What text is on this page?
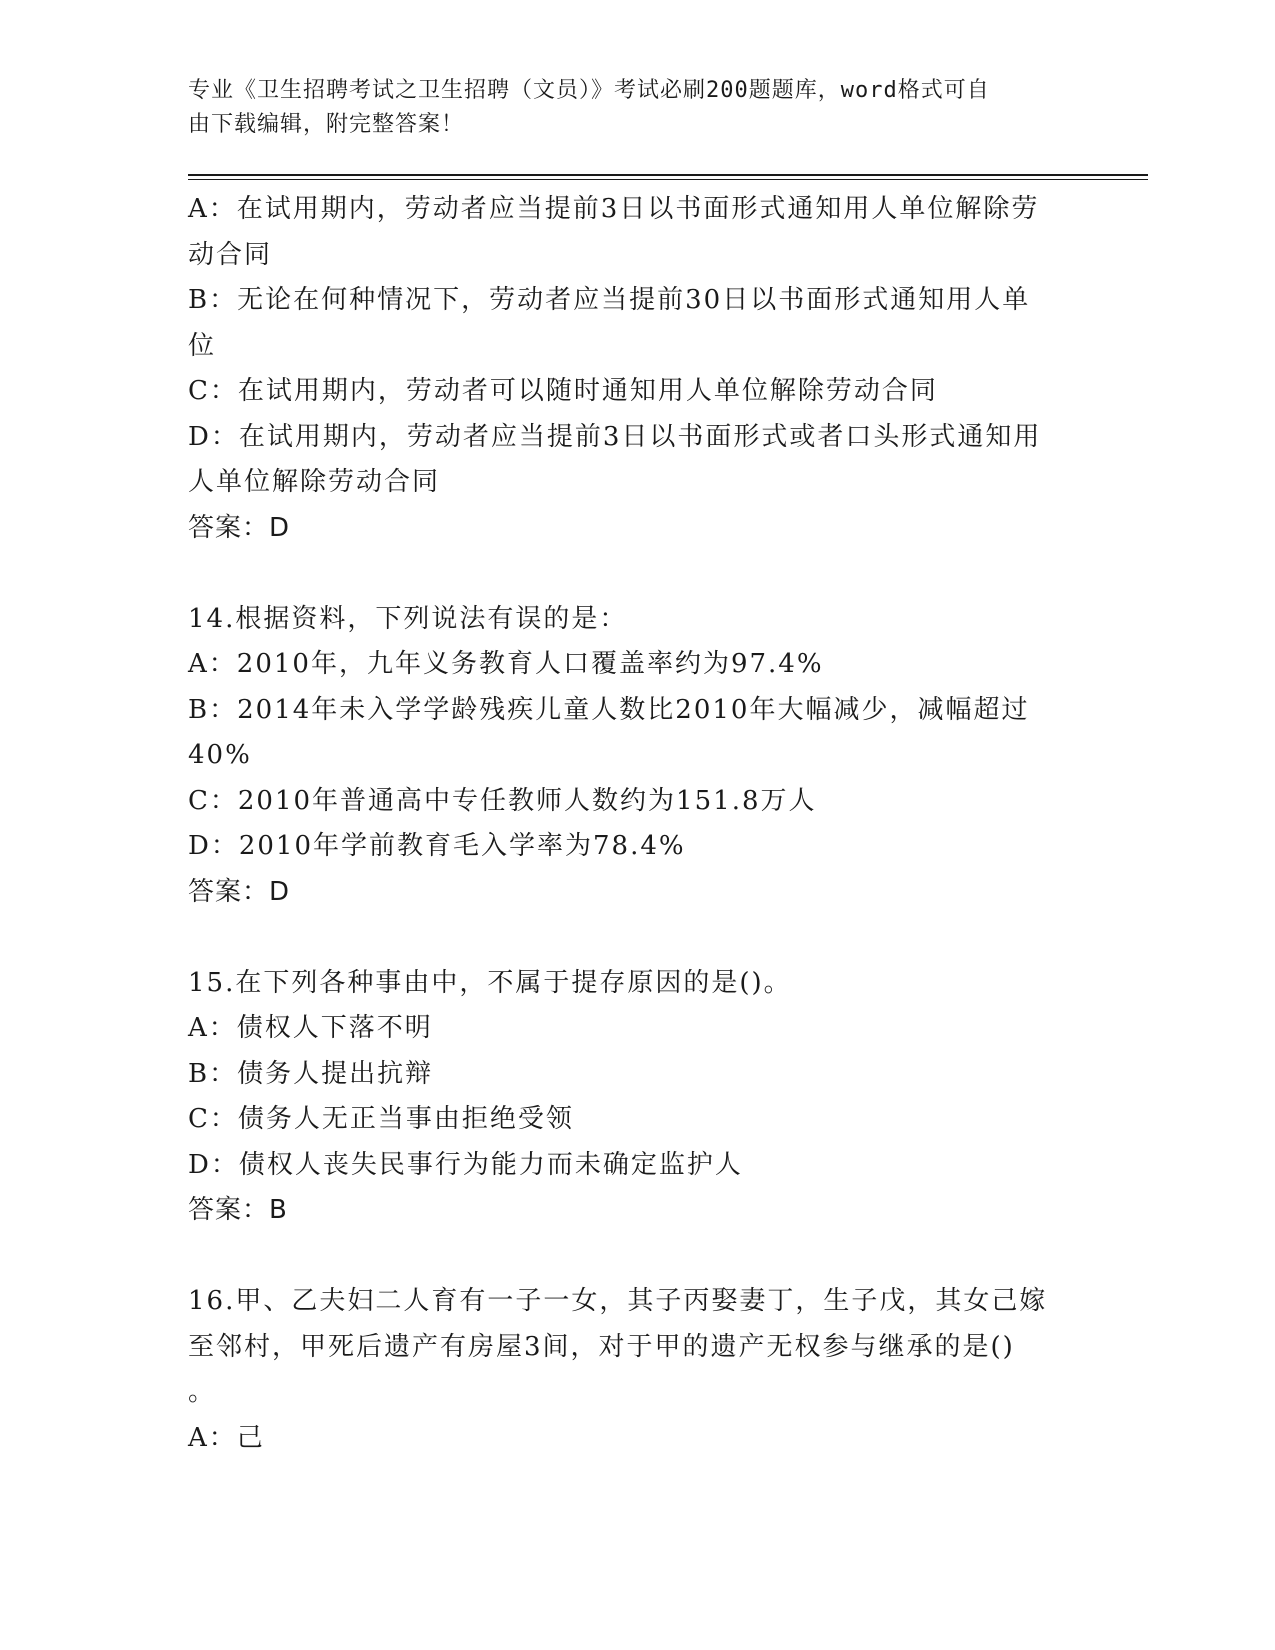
专业《卫生招聘考试之卫生招聘（文员）》考试必刷200题题库，word格式可自
由下载编辑，附完整答案！
A：在试用期内，劳动者应当提前3日以书面形式通知用人单位解除劳
动合同
B：无论在何种情况下，劳动者应当提前30日以书面形式通知用人单
位
C：在试用期内，劳动者可以随时通知用人单位解除劳动合同
D：在试用期内，劳动者应当提前3日以书面形式或者口头形式通知用
人单位解除劳动合同
答案：D
14.根据资料，下列说法有误的是：
A：2010年，九年义务教育人口覆盖率约为97.4%
B：2014年未入学学龄残疾儿童人数比2010年大幅减少，减幅超过
40%
C：2010年普通高中专任教师人数约为151.8万人
D：2010年学前教育毛入学率为78.4%
答案：D
15.在下列各种事由中，不属于提存原因的是()。
A：债权人下落不明
B：债务人提出抗辩
C：债务人无正当事由拒绝受领
D：债权人丧失民事行为能力而未确定监护人
答案：B
16.甲、乙夫妇二人育有一子一女，其子丙娶妻丁，生子戊，其女己嫁
至邻村，甲死后遗产有房屋3间，对于甲的遗产无权参与继承的是()
。
A：己
